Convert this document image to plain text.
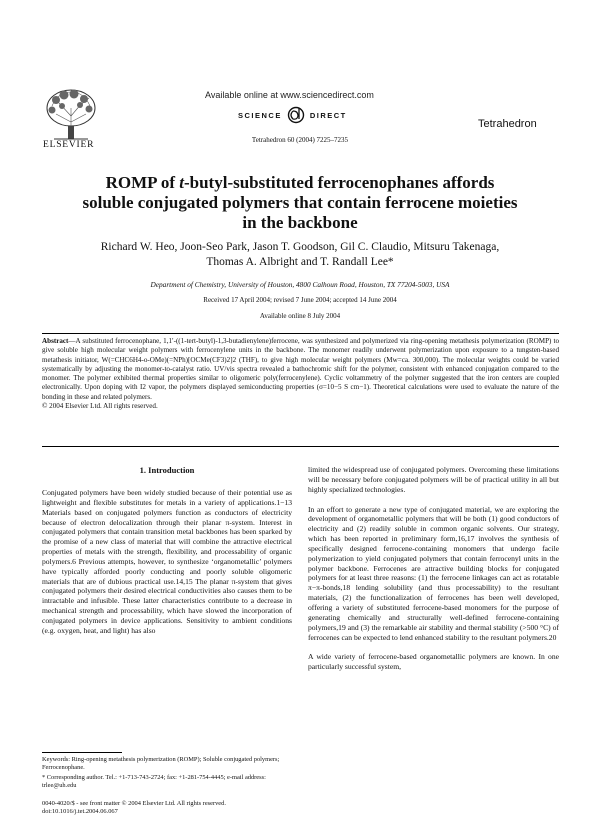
ELSEVIER
Available online at www.sciencedirect.com
SCIENCE	DIRECT
Tetrahedron
Tetrahedron 60 (2004) 7225–7235
ROMP of t-butyl-substituted ferrocenophanes affords soluble conjugated polymers that contain ferrocene moieties in the backbone
Richard W. Heo, Joon-Seo Park, Jason T. Goodson, Gil C. Claudio, Mitsuru Takenaga,
Thomas A. Albright and T. Randall Lee*
Department of Chemistry, University of Houston, 4800 Calhoun Road, Houston, TX 77204-5003, USA
Received 17 April 2004; revised 7 June 2004; accepted 14 June 2004
Available online 8 July 2004

Abstract—A substituted ferrocenophane, 1,1′-((1-tert-butyl)-1,3-butadienylene)ferrocene, was synthesized and polymerized via ring-opening metathesis polymerization (ROMP) to give soluble high molecular weight polymers with ferrocenylene units in the backbone. The monomer readily underwent polymerization upon exposure to a tungsten-based metathesis initiator, W(=CHC6H4-o-OMe)(=NPh)[OCMe(CF3)2]2 (THF), to give high molecular weight polymers (Mw=ca. 300,000). The molecular weights could be varied systematically by adjusting the monomer-to-catalyst ratio. UV/vis spectra revealed a bathochromic shift for the polymer, consistent with enhanced conjugation compared to the monomer. The polymer exhibited thermal properties similar to oligomeric poly(ferrocenylene). Cyclic voltammetry of the polymer suggested that the iron centers are coupled electronically. Upon doping with I2 vapor, the polymers displayed semiconducting properties (σ=10−5 S cm−1). Theoretical calculations were used to evaluate the nature of the bonding in these and related polymers.

© 2004 Elsevier Ltd. All rights reserved.

1. Introduction

Conjugated polymers have been widely studied because of their potential use as lightweight and flexible substitutes for metals in a variety of applications.1−13 Materials based on conjugated polymers function as conductors of electricity because of electron delocalization through their planar π-system. Interest in conjugated polymers that contain transition metal backbones has been sparked by the promise of a new class of material that will combine the attractive electrical properties of metals with the strength, flexibility, and processability of organic polymers.6 Previous attempts, however, to synthesize ‘organometallic’ polymers have typically afforded poorly conducting and poorly soluble oligomeric materials that are of dubious practical use.14,15 The planar π-system that gives conjugated polymers their desired electrical conductivities also causes them to be intractable and infusible. These latter characteristics contribute to a decrease in mechanical strength and processability, which have slowed the incorporation of conjugated polymers in device applications. Sensitivity to ambient conditions (e.g. oxygen, heat, and light) has also

limited the widespread use of conjugated polymers. Overcoming these limitations will be necessary before conjugated polymers will be of practical utility in all but highly specialized technologies.

In an effort to generate a new type of conjugated material, we are exploring the development of organometallic polymers that will be both (1) good conductors of electricity and (2) readily soluble in common organic solvents. Our strategy, which has been reported in preliminary form,16,17 involves the synthesis of specifically designed ferrocene-containing monomers that undergo facile polymerization to yield conjugated polymers that contain ferrocenyl units in the polymer backbone. Ferrocenes are attractive building blocks for conjugated polymers for at least three reasons: (1) the ferrocene linkages can act as rotatable π−π-bonds,18 lending solubility (and thus processability) to the resultant materials, (2) the functionalization of ferrocenes has been well developed, offering a variety of substituted ferrocene-based monomers for the purpose of generating chemically and structurally well-defined ferrocene-containing polymers,19 and (3) the remarkable air stability and thermal stability (>500 °C) of ferrocenes can be expected to lend enhanced stability to the resultant polymers.20

A wide variety of ferrocene-based organometallic polymers are known. In one particularly successful system,

Keywords: Ring-opening metathesis polymerization (ROMP); Soluble conjugated polymers; Ferrocenophane.
* Corresponding author. Tel.: +1-713-743-2724; fax: +1-281-754-4445; e-mail address: trlee@uh.edu
0040-4020/$ - see front matter © 2004 Elsevier Ltd. All rights reserved.
doi:10.1016/j.tet.2004.06.067
